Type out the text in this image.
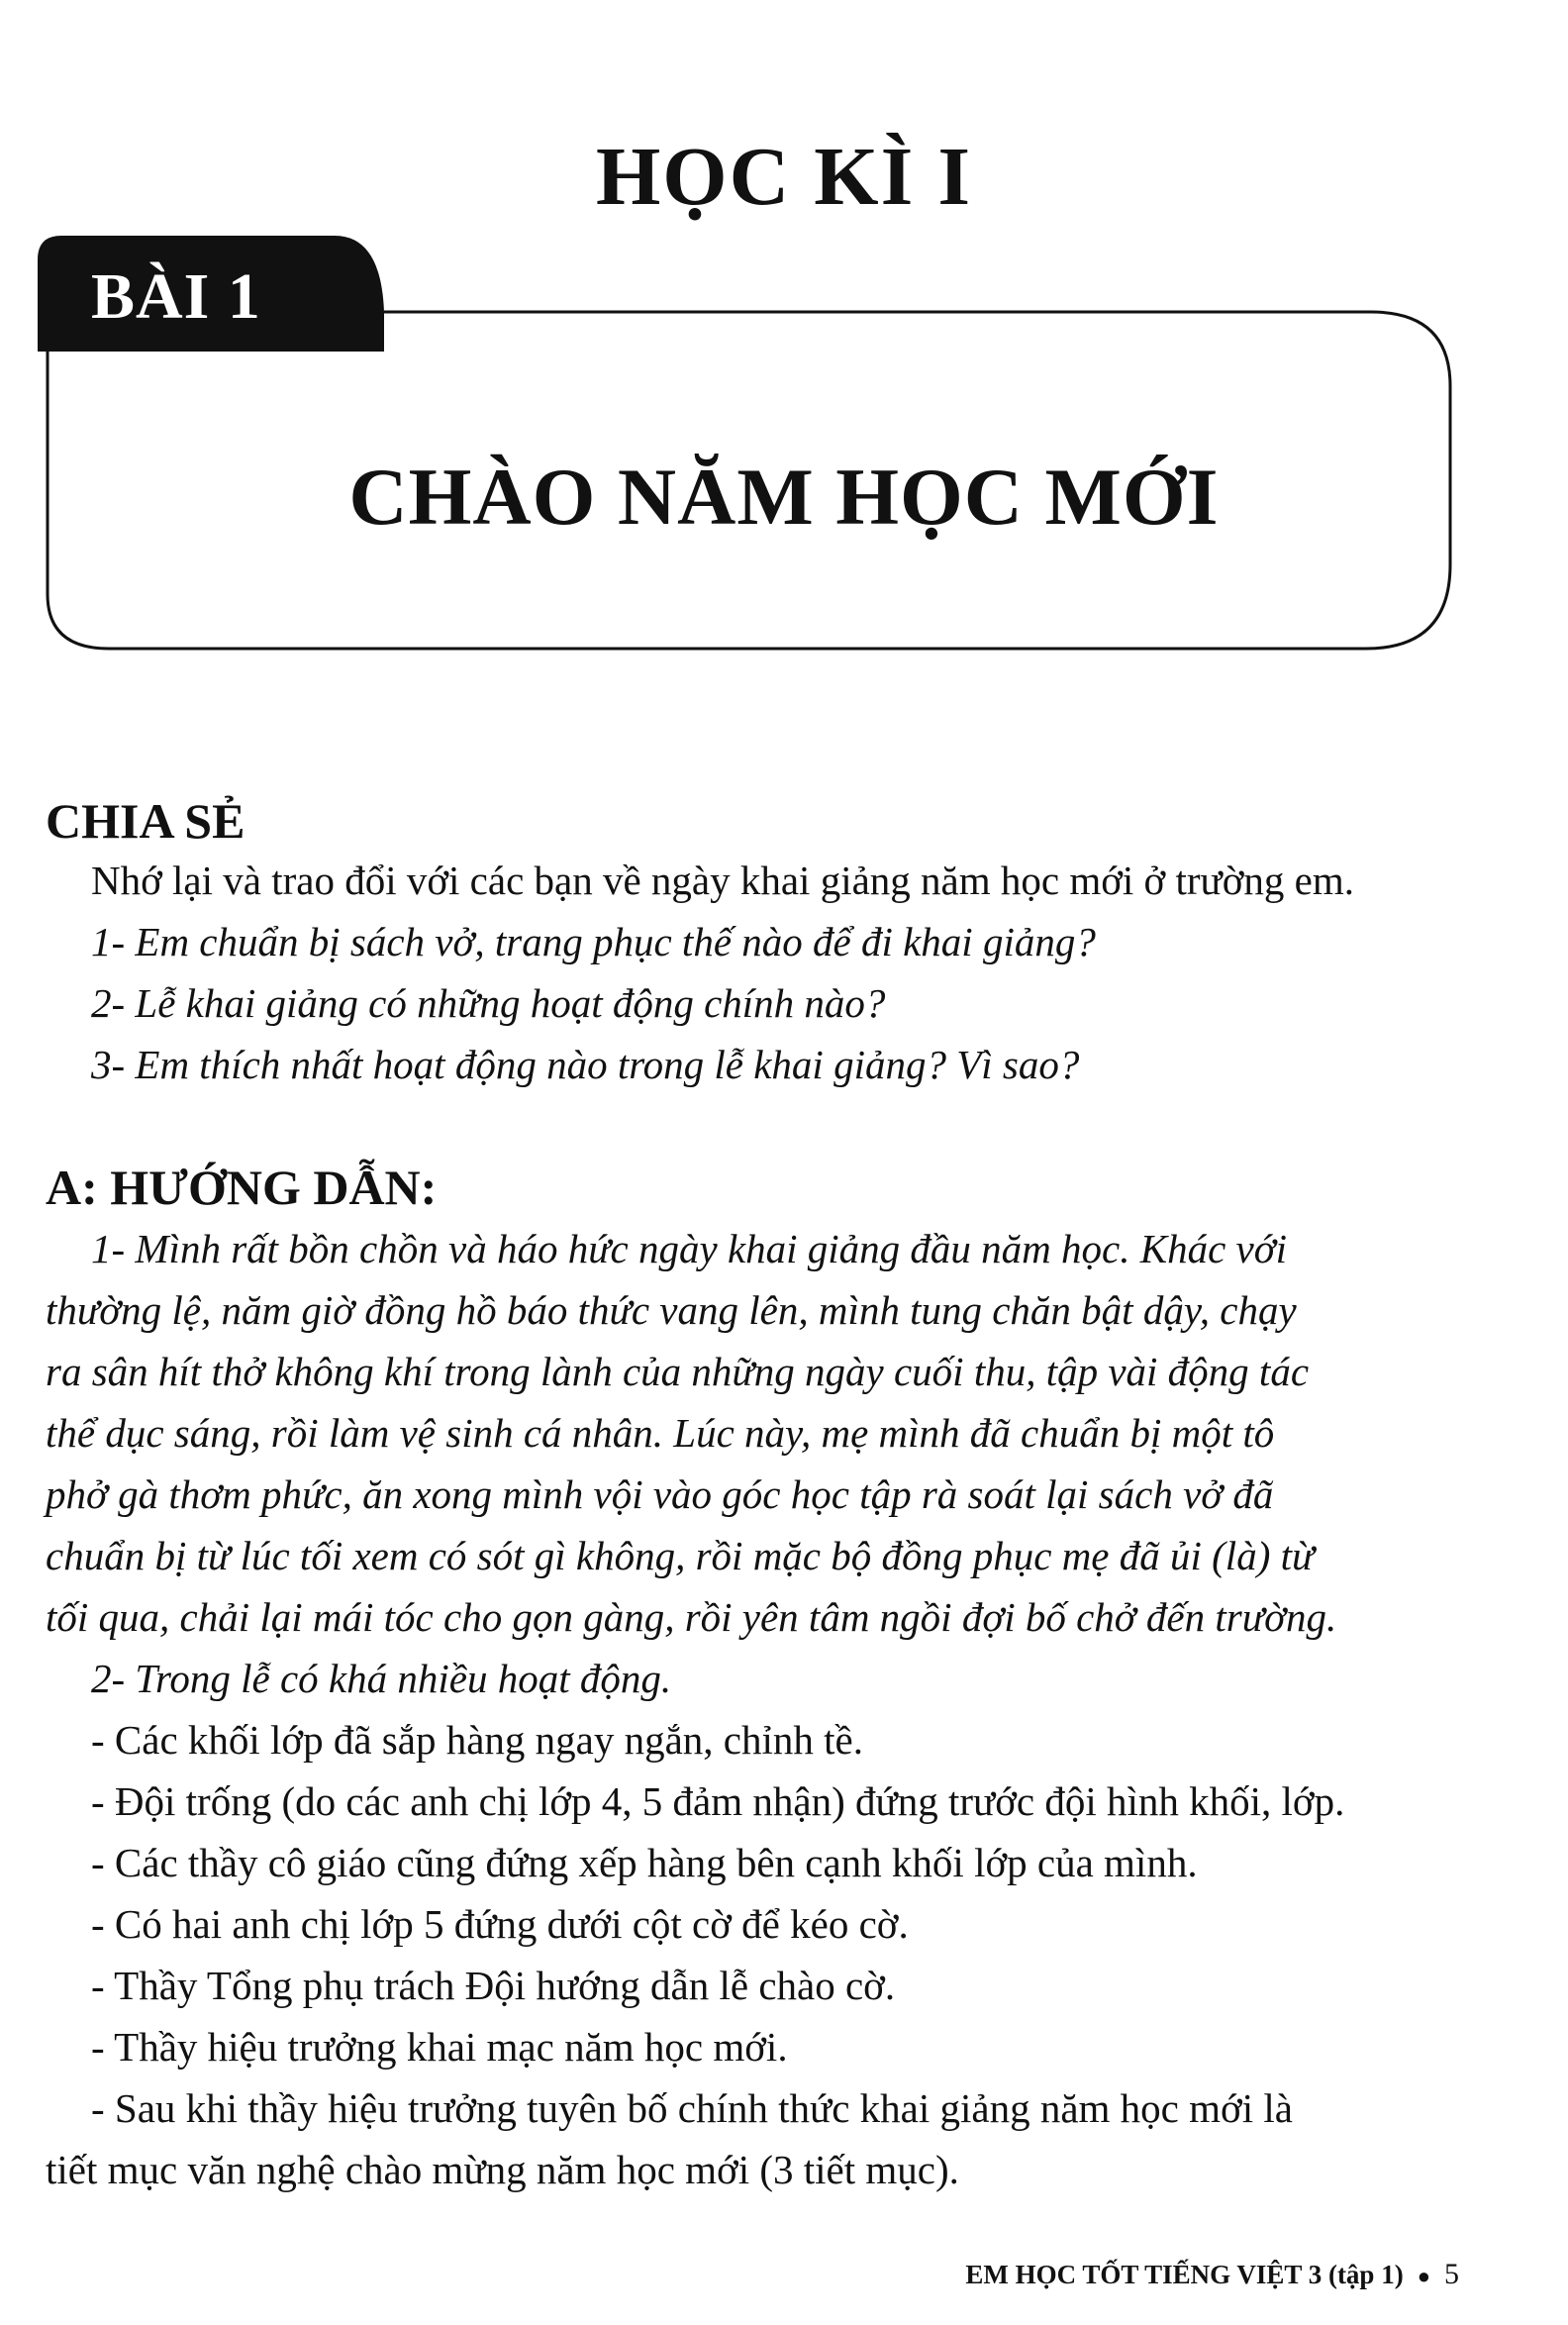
HỌC KÌ I
BÀI 1
CHÀO NĂM HỌC MỚI
CHIA SẺ
Nhớ lại và trao đổi với các bạn về ngày khai giảng năm học mới ở trường em.
1- Em chuẩn bị sách vở, trang phục thế nào để đi khai giảng?
2- Lễ khai giảng có những hoạt động chính nào?
3- Em thích nhất hoạt động nào trong lễ khai giảng? Vì sao?
A: HƯỚNG DẪN:
1- Mình rất bồn chồn và háo hức ngày khai giảng đầu năm học. Khác với
thường lệ, năm giờ đồng hồ báo thức vang lên, mình tung chăn bật dậy, chạy
ra sân hít thở không khí trong lành của những ngày cuối thu, tập vài động tác
thể dục sáng, rồi làm vệ sinh cá nhân. Lúc này, mẹ mình đã chuẩn bị một tô
phở gà thơm phức, ăn xong mình vội vào góc học tập rà soát lại sách vở đã
chuẩn bị từ lúc tối xem có sót gì không, rồi mặc bộ đồng phục mẹ đã ủi (là) từ
tối qua, chải lại mái tóc cho gọn gàng, rồi yên tâm ngồi đợi bố chở đến trường.
2- Trong lễ có khá nhiều hoạt động.
- Các khối lớp đã sắp hàng ngay ngắn, chỉnh tề.
- Đội trống (do các anh chị lớp 4, 5 đảm nhận) đứng trước đội hình khối, lớp.
- Các thầy cô giáo cũng đứng xếp hàng bên cạnh khối lớp của mình.
- Có hai anh chị lớp 5 đứng dưới cột cờ để kéo cờ.
- Thầy Tổng phụ trách Đội hướng dẫn lễ chào cờ.
- Thầy hiệu trưởng khai mạc năm học mới.
- Sau khi thầy hiệu trưởng tuyên bố chính thức khai giảng năm học mới là
tiết mục văn nghệ chào mừng năm học mới (3 tiết mục).
EM HỌC TỐT TIẾNG VIỆT 3 (tập 1) ● 5
